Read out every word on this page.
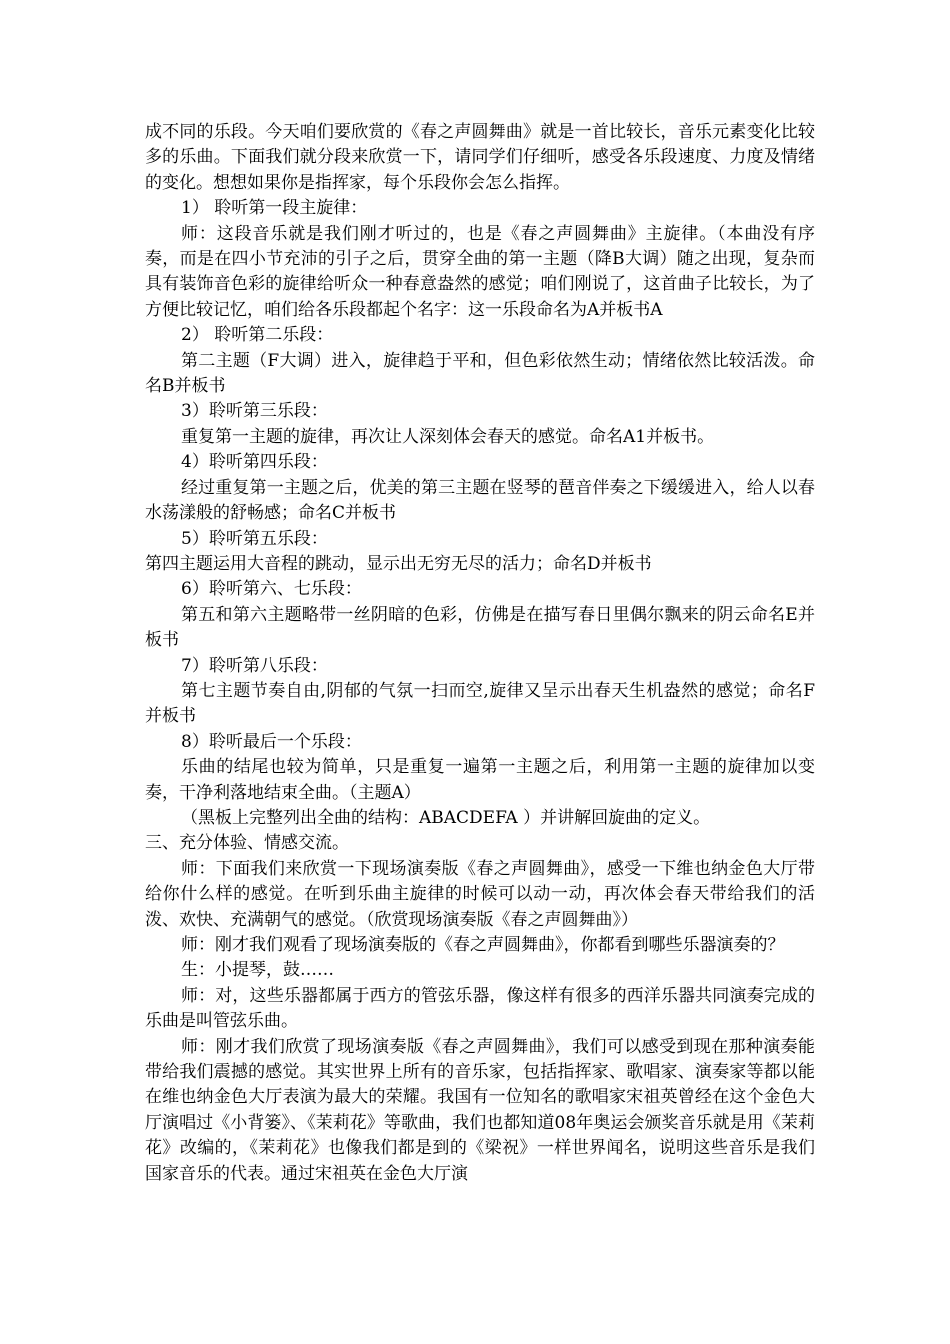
成不同的乐段。今天咱们要欣赏的《春之声圆舞曲》就是一首比较长，音乐元素变化比较多的乐曲。下面我们就分段来欣赏一下，请同学们仔细听，感受各乐段速度、力度及情绪的变化。想想如果你是指挥家，每个乐段你会怎么指挥。

1） 聆听第一段主旋律：

师：这段音乐就是我们刚才听过的，也是《春之声圆舞曲》主旋律。（本曲没有序奏，而是在四小节充沛的引子之后，贯穿全曲的第一主题（降B大调）随之出现，复杂而具有装饰音色彩的旋律给听众一种春意盎然的感觉；咱们刚说了，这首曲子比较长，为了方便比较记忆，咱们给各乐段都起个名字：这一乐段命名为A并板书A

2） 聆听第二乐段：

第二主题（F大调）进入，旋律趋于平和，但色彩依然生动；情绪依然比较活泼。命名B并板书

3）聆听第三乐段：

重复第一主题的旋律，再次让人深刻体会春天的感觉。命名A1并板书。

4）聆听第四乐段：

经过重复第一主题之后，优美的第三主题在竖琴的琶音伴奏之下缓缓进入，给人以春水荡漾般的舒畅感；命名C并板书

5）聆听第五乐段：

第四主题运用大音程的跳动，显示出无穷无尽的活力；命名D并板书

6）聆听第六、七乐段：

第五和第六主题略带一丝阴暗的色彩，仿佛是在描写春日里偶尔飘来的阴云命名E并板书

7）聆听第八乐段：

第七主题节奏自由,阴郁的气氛一扫而空,旋律又呈示出春天生机盎然的感觉；命名F并板书

8）聆听最后一个乐段：

乐曲的结尾也较为简单，只是重复一遍第一主题之后，利用第一主题的旋律加以变奏，干净利落地结束全曲。（主题A）

（黑板上完整列出全曲的结构：ABACDEFA ）并讲解回旋曲的定义。

三、充分体验、情感交流。

师：下面我们来欣赏一下现场演奏版《春之声圆舞曲》，感受一下维也纳金色大厅带给你什么样的感觉。在听到乐曲主旋律的时候可以动一动，再次体会春天带给我们的活泼、欢快、充满朝气的感觉。（欣赏现场演奏版《春之声圆舞曲》）

师：刚才我们观看了现场演奏版的《春之声圆舞曲》，你都看到哪些乐器演奏的？

生：小提琴，鼓……

师：对，这些乐器都属于西方的管弦乐器，像这样有很多的西洋乐器共同演奏完成的乐曲是叫管弦乐曲。

师：刚才我们欣赏了现场演奏版《春之声圆舞曲》，我们可以感受到现在那种演奏能带给我们震撼的感觉。其实世界上所有的音乐家，包括指挥家、歌唱家、演奏家等都以能在维也纳金色大厅表演为最大的荣耀。我国有一位知名的歌唱家宋祖英曾经在这个金色大厅演唱过《小背篓》、《茉莉花》等歌曲，我们也都知道08年奥运会颁奖音乐就是用《茉莉花》改编的，《茉莉花》也像我们都是到的《梁祝》一样世界闻名，说明这些音乐是我们国家音乐的代表。通过宋祖英在金色大厅演
